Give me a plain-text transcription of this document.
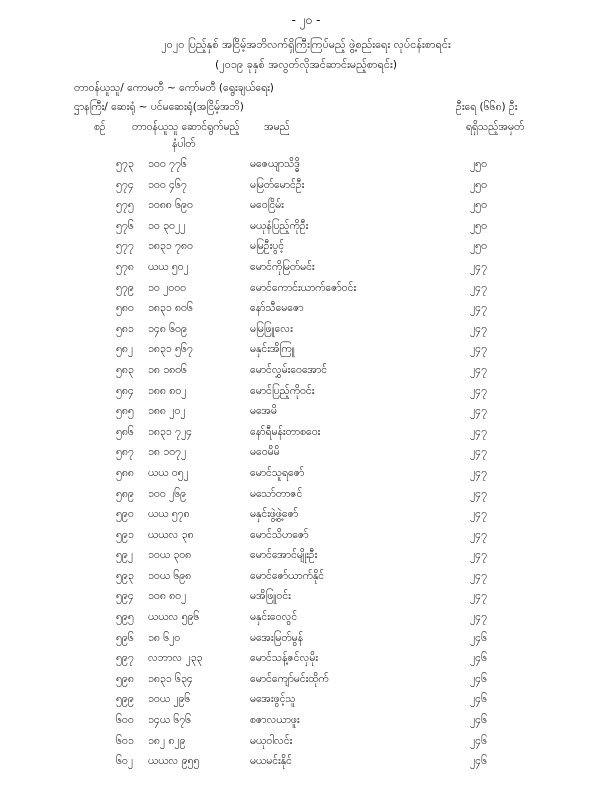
- ၂၀ -
၂၀၂၀ ပြည့်နှစ် အငြိမ့်အဘိလက်ရှိကြီးကြပ်မည့် ဖွဲ့စည်းရေး လုပ်ငန်းစာရင်း
(၂၀၁၉ ခုနှစ် အလွတ်လိုအင်ဆာင်းမည့်စာရင်း)
တာဝန်ယူသူ/ ကောမတီ ~ ကော်မတီ (ရွေးချယ်ရေး)
ဌာနကြီး/ ဆေးရုံ ~ ပင်မဆေးရုံ(အငြိမ့်အဘိ)	ဦးရေ (၆၆၈) ဦး
စဉ်	တာဝန်ယူသူ ဆောင်ရွက်မည့်
နံပါတ်
အမည်	ရရှိသည့်အမှတ်
၅၇၃ ၁၀၀ ၇၇၆	မဇေယျာသိဒ္ဓိ	၂၅၀
၅၇၄ ၁၀၀ ၄၆၇	မမြတ်မောင်ဦး	၂၅၀
၅၇၅ ၁၀၈၈ ၆၉၀	မဝေငြိမ်း	၂၅၀
၅၇၆ ၁၀ ၃၀၂၂	မယုနံပြည့်ကိုဦး	၂၅၀
၅၇၇ ၁၈၃၁ ၇၈၀	မမြဦးပွင့်	၂၅၀
၅၇၈ ယယ ၅၀၂	မောင်ကိုမြတ်မင်း	၂၄၇
၅၇၉ ၁၀ ၂၀၀၀	မောင်ကောင်းယာက်ဇော်ဝင်း	၂၄၇
၅၈၀ ၁၈၃၁ ၈၀၆	နော်သီမေဇော	၂၄၇
၅၈၁ ၁၄၈ ၆၀၉	မမြဖြူလေး	၂၄၇
၅၈၂ ၁၈၃၁ ၅၆၇	မနှင်းအိကြူ	၂၄၇
၅၈၃ ၁၈ ၁၈၀၆	မောင်လွှမ်းဝေအောင်	၂၄၇
၅၈၄ ၁၈၈ ၈၀၂	မောင်ပြည့်ကိုဝင်း	၂၄၇
၅၈၅ ၁၈၈ ၂၀၂	မအေမိ	၂၄၇
၅၈၆ ၁၈၃၁ ၇၂၄	နော်ရီမန်းတာစဝေး	၂၄၇
၅၈၇ ၁၈ ၁၀၇၂	မဝေမိမိ	၂၄၇
၅၈၈ ယယ ၀၅၂	မောင်သူရဇော်	၂၄၇
၅၈၉ ၁၀၀ ၂၆၉	မသော်တာဇင်	၂၄၇
၅၉၀ ယယ ၅၇၈	မနှင်းဖွဲ့ဖွဲ့ဇော်	၂၄၇
၅၉၁ ယယလ ၃၈	မောင်သိဟဇော်	၂၄၇
၅၉၂ ၁၀ယ ၃၀၈	မောင်အောင်မျိုးဦး	၂၄၇
၅၉၃ ၁၀ယ ၆၉၈	မောင်ဇော်ယာက်နိုင်	၂၄၇
၅၉၄ ၁၀၈ ၈၀၂	မအိဖြူဝင်း	၂၄၇
၅၉၅ ယယလ ၅၉၆	မနှင်းဝေလွင်	၂၄၇
၅၉၆ ၁၈ ၆၂၀	မအေးမြတ်မွန်	၂၄၆
၅၉၇ လဘာလ ၂၃၃	မောင်သန့်ဇင်လှမိုး	၂၄၆
၅၉၈ ၁၈၃၁ ၆၃၄	မောင်ကျော်မင်းထိုက်	၂၄၆
၅၉၉ ၁၀ယ ၂၉၆	မအေးဖွင့်သူ	၂၄၆
၆၀၀ ၁၄ယ ၆၇၆	စဇာလယာဖူး	၂၄၆
၆၀၁ ၁၈၂ ၈၂၉	မယုဝါလင်း	၂၄၆
၆၀၂ ယယလ ၉၅၅	မယမင်းနိုင်	၂၄၆
